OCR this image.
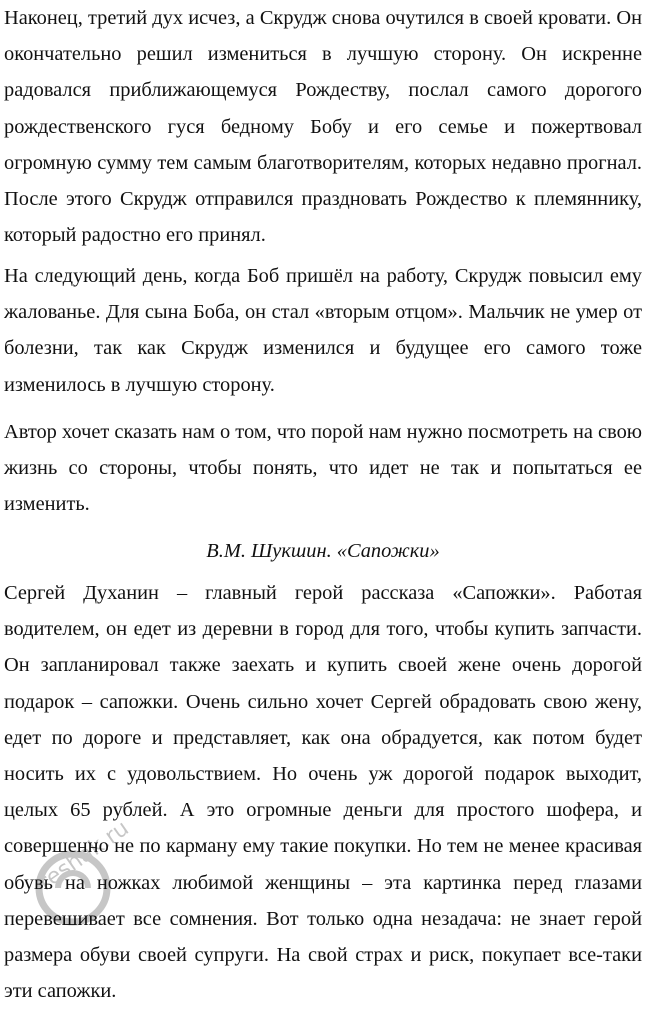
Наконец, третий дух исчез, а Скрудж снова очутился в своей кровати. Он окончательно решил измениться в лучшую сторону. Он искренне радовался приближающемуся Рождеству, послал самого дорогого рождественского гуся бедному Бобу и его семье и пожертвовал огромную сумму тем самым благотворителям, которых недавно прогнал. После этого Скрудж отправился праздновать Рождество к племяннику, который радостно его принял.

На следующий день, когда Боб пришёл на работу, Скрудж повысил ему жалованье. Для сына Боба, он стал «вторым отцом». Мальчик не умер от болезни, так как Скрудж изменился и будущее его самого тоже изменилось в лучшую сторону.

Автор хочет сказать нам о том, что порой нам нужно посмотреть на свою жизнь со стороны, чтобы понять, что идет не так и попытаться ее изменить.

В.М. Шукшин. «Сапожки»

Сергей Духанин – главный герой рассказа «Сапожки». Работая водителем, он едет из деревни в город для того, чтобы купить запчасти. Он запланировал также заехать и купить своей жене очень дорогой подарок – сапожки. Очень сильно хочет Сергей обрадовать свою жену, едет по дороге и представляет, как она обрадуется, как потом будет носить их с удовольствием. Но очень уж дорогой подарок выходит, целых 65 рублей. А это огромные деньги для простого шофера, и совершенно не по карману ему такие покупки. Но тем не менее красивая обувь на ножках любимой женщины – эта картинка перед глазами перевешивает все сомнения. Вот только одна незадача: не знает герой размера обуви своей супруги. На свой страх и риск, покупает все-таки эти сапожки.

reshak.ru
